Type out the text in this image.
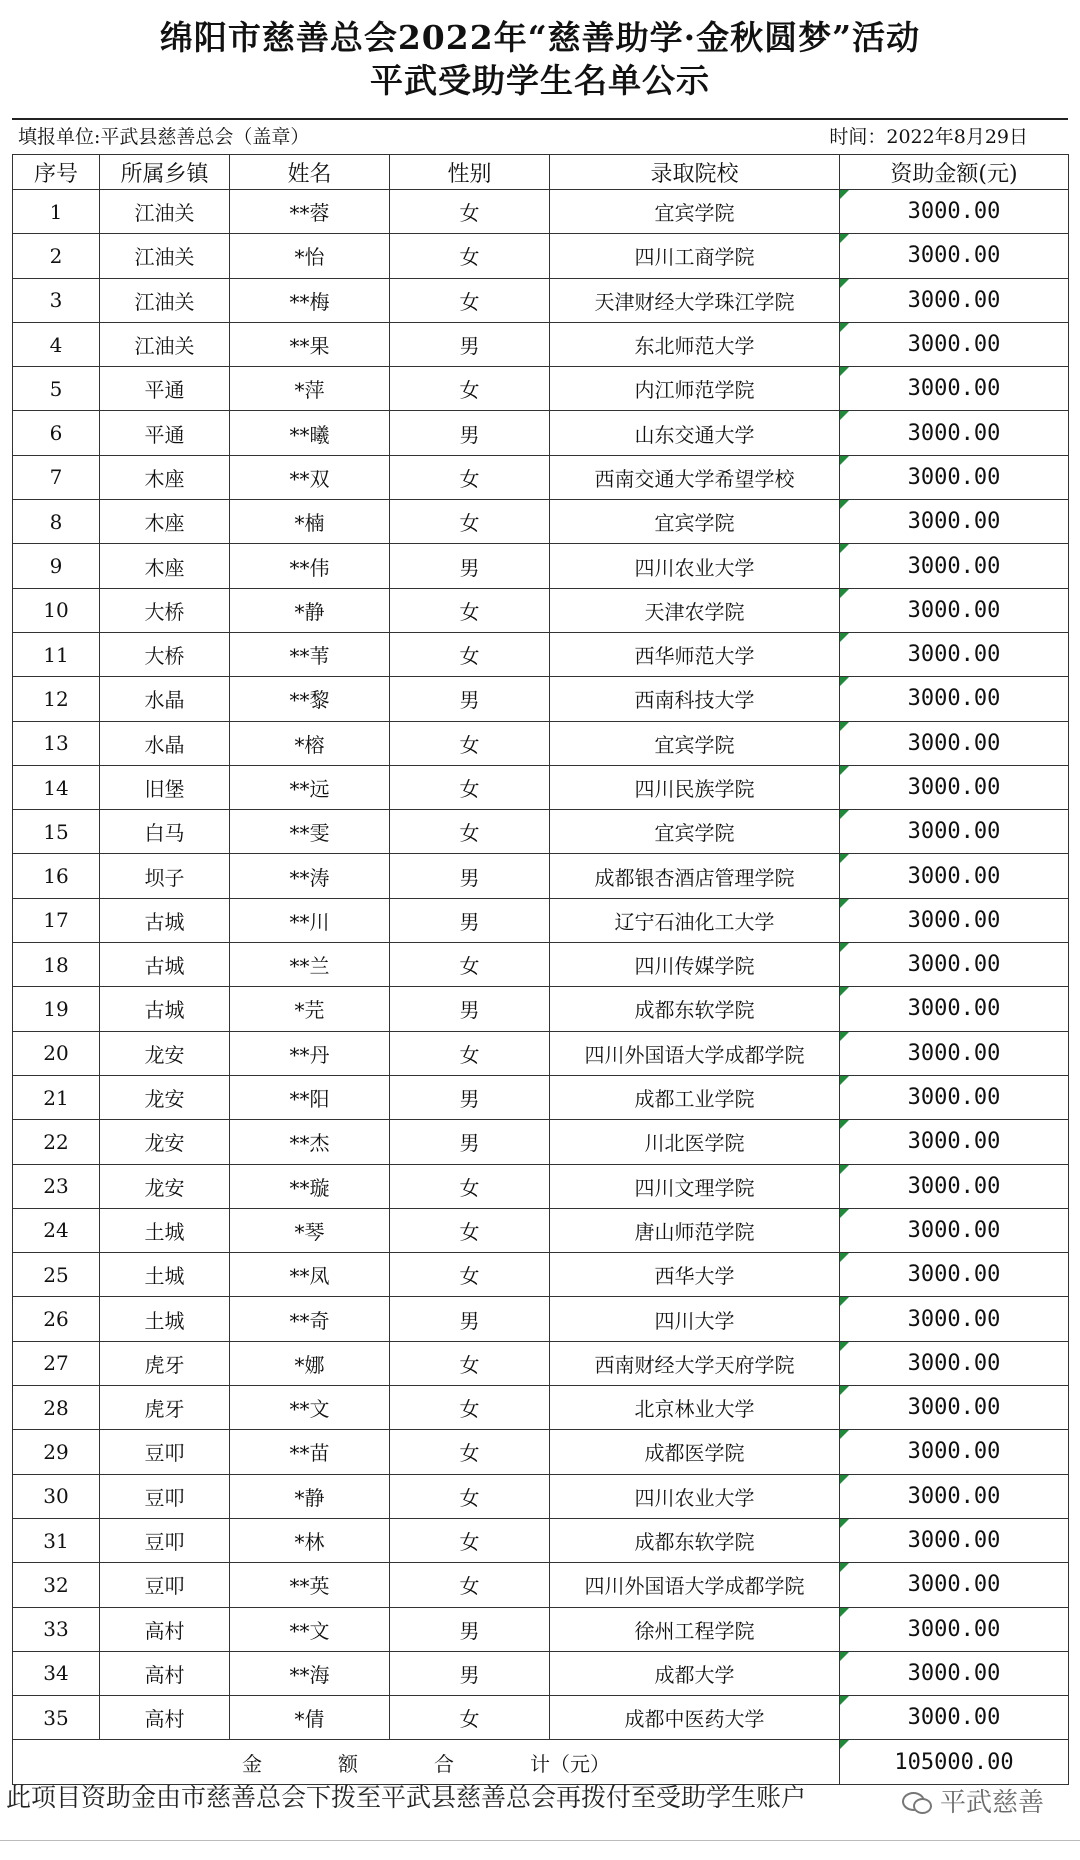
绵阳市慈善总会2022年“慈善助学·金秋圆梦”活动
平武受助学生名单公示
填报单位:平武县慈善总会（盖章）	时间：2022年8月29日
序号	所属乡镇	姓名	性别	录取院校	资助金额(元)
1	江油关	**蓉	女	宜宾学院	3000.00
2	江油关	*怡	女	四川工商学院	3000.00
3	江油关	**梅	女	天津财经大学珠江学院	3000.00
4	江油关	**果	男	东北师范大学	3000.00
5	平通	*萍	女	内江师范学院	3000.00
6	平通	**曦	男	山东交通大学	3000.00
7	木座	**双	女	西南交通大学希望学校	3000.00
8	木座	*楠	女	宜宾学院	3000.00
9	木座	**伟	男	四川农业大学	3000.00
10	大桥	*静	女	天津农学院	3000.00
11	大桥	**苇	女	西华师范大学	3000.00
12	水晶	**黎	男	西南科技大学	3000.00
13	水晶	*榕	女	宜宾学院	3000.00
14	旧堡	**远	女	四川民族学院	3000.00
15	白马	**雯	女	宜宾学院	3000.00
16	坝子	**涛	男	成都银杏酒店管理学院	3000.00
17	古城	**川	男	辽宁石油化工大学	3000.00
18	古城	**兰	女	四川传媒学院	3000.00
19	古城	*芫	男	成都东软学院	3000.00
20	龙安	**丹	女	四川外国语大学成都学院	3000.00
21	龙安	**阳	男	成都工业学院	3000.00
22	龙安	**杰	男	川北医学院	3000.00
23	龙安	**璇	女	四川文理学院	3000.00
24	土城	*琴	女	唐山师范学院	3000.00
25	土城	**凤	女	西华大学	3000.00
26	土城	**奇	男	四川大学	3000.00
27	虎牙	*娜	女	西南财经大学天府学院	3000.00
28	虎牙	**文	女	北京林业大学	3000.00
29	豆叩	**苗	女	成都医学院	3000.00
30	豆叩	*静	女	四川农业大学	3000.00
31	豆叩	*林	女	成都东软学院	3000.00
32	豆叩	**英	女	四川外国语大学成都学院	3000.00
33	高村	**文	男	徐州工程学院	3000.00
34	高村	**海	男	成都大学	3000.00
35	高村	*倩	女	成都中医药大学	3000.00
金 额 合 计（元）					105000.00
此项目资助金由市慈善总会下拨至平武县慈善总会再拨付至受助学生账户	平武慈善
